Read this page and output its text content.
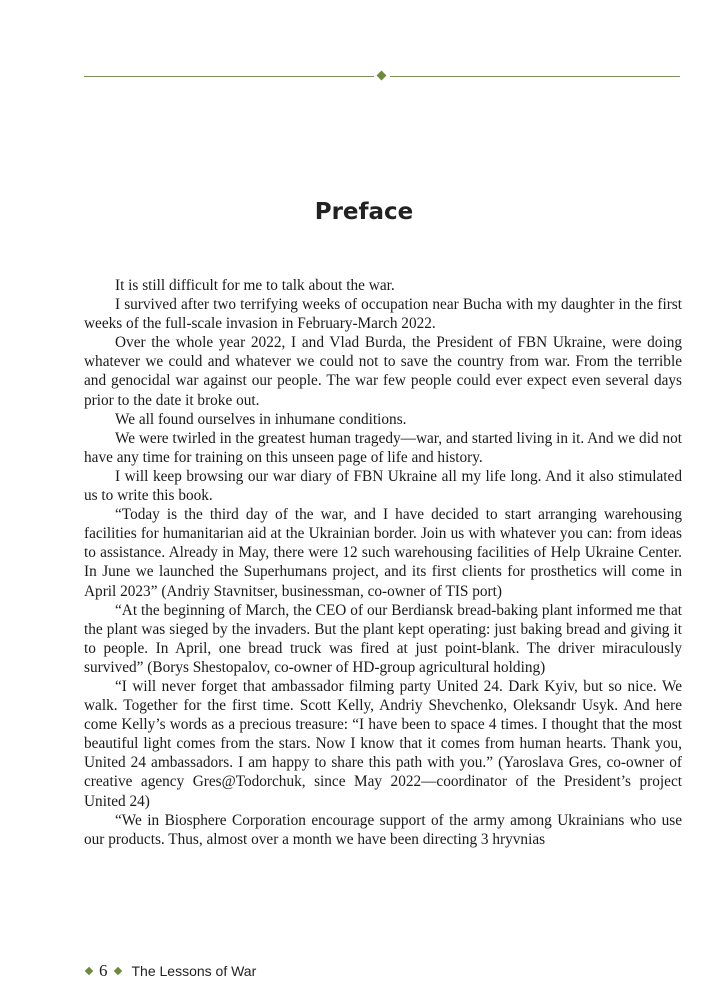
Preface

It is still difficult for me to talk about the war.

I survived after two terrifying weeks of occupation near Bucha with my daughter in the first weeks of the full-scale invasion in February-March 2022.

Over the whole year 2022, I and Vlad Burda, the President of FBN Ukraine, were doing whatever we could and whatever we could not to save the country from war. From the terrible and genocidal war against our people. The war few people could ever expect even several days prior to the date it broke out.

We all found ourselves in inhumane conditions.

We were twirled in the greatest human tragedy—war, and started living in it. And we did not have any time for training on this unseen page of life and history.

I will keep browsing our war diary of FBN Ukraine all my life long. And it also stimulated us to write this book.

“Today is the third day of the war, and I have decided to start arranging warehousing facilities for humanitarian aid at the Ukrainian border. Join us with whatever you can: from ideas to assistance. Already in May, there were 12 such warehousing facilities of Help Ukraine Center. In June we launched the Superhumans project, and its first clients for prosthetics will come in April 2023” (Andriy Stavnitser, businessman, co-owner of TIS port)

“At the beginning of March, the CEO of our Berdiansk bread-baking plant informed me that the plant was sieged by the invaders. But the plant kept operating: just baking bread and giving it to people. In April, one bread truck was fired at just point-blank. The driver miraculously survived” (Borys Shestopalov, co-owner of HD-group agricultural holding)

“I will never forget that ambassador filming party United 24. Dark Kyiv, but so nice. We walk. Together for the first time. Scott Kelly, Andriy Shevchenko, Oleksandr Usyk. And here come Kelly’s words as a precious treasure: “I have been to space 4 times. I thought that the most beautiful light comes from the stars. Now I know that it comes from human hearts. Thank you, United 24 ambassadors. I am happy to share this path with you.” (Yaroslava Gres, co-owner of creative agency Gres@Todorchuk, since May 2022—coordinator of the President’s project United 24)

“We in Biosphere Corporation encourage support of the army among Ukrainians who use our products. Thus, almost over a month we have been directing 3 hryvnias

6 The Lessons of War
